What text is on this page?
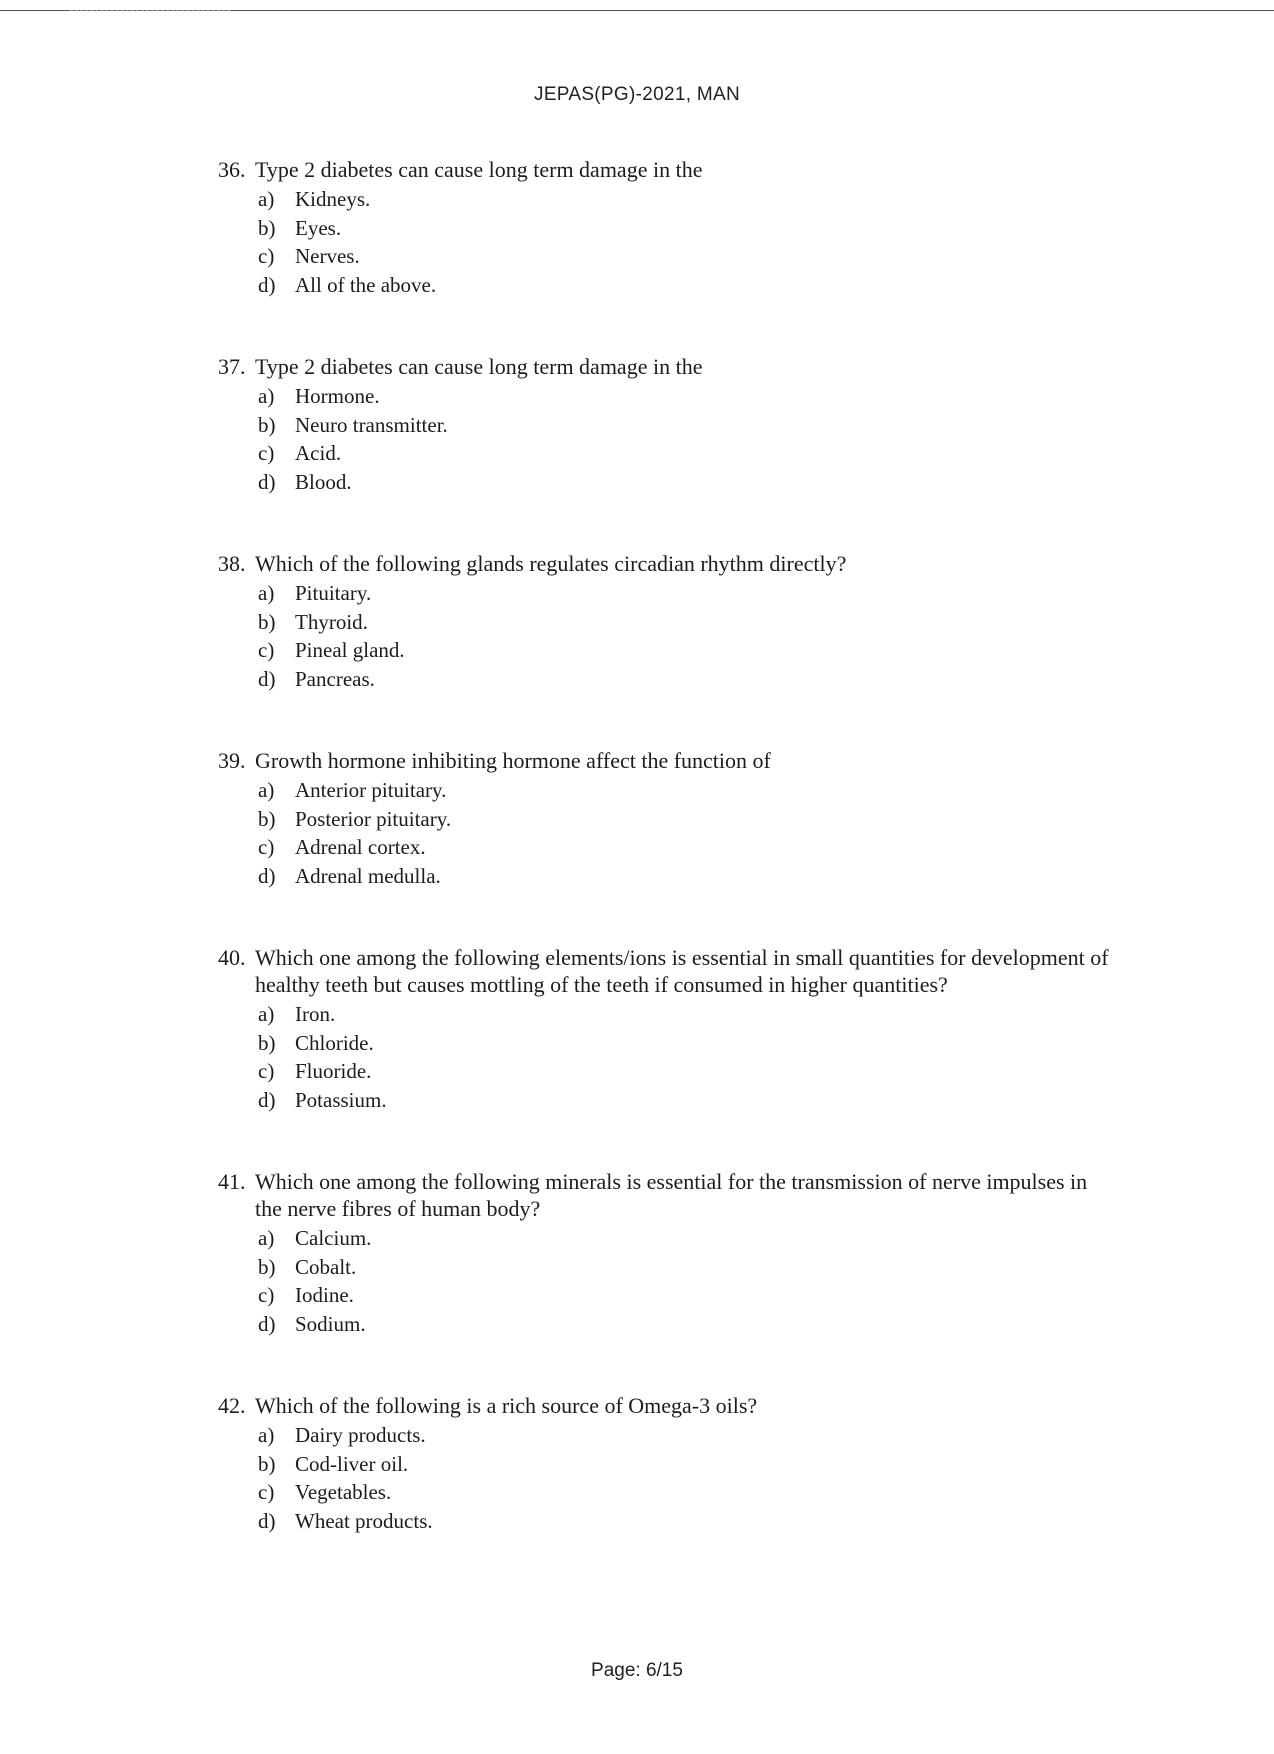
JEPAS(PG)-2021, MAN
36. Type 2 diabetes can cause long term damage in the
a) Kidneys.
b) Eyes.
c) Nerves.
d) All of the above.
37. Type 2 diabetes can cause long term damage in the
a) Hormone.
b) Neuro transmitter.
c) Acid.
d) Blood.
38. Which of the following glands regulates circadian rhythm directly?
a) Pituitary.
b) Thyroid.
c) Pineal gland.
d) Pancreas.
39. Growth hormone inhibiting hormone affect the function of
a) Anterior pituitary.
b) Posterior pituitary.
c) Adrenal cortex.
d) Adrenal medulla.
40. Which one among the following elements/ions is essential in small quantities for development of healthy teeth but causes mottling of the teeth if consumed in higher quantities?
a) Iron.
b) Chloride.
c) Fluoride.
d) Potassium.
41. Which one among the following minerals is essential for the transmission of nerve impulses in the nerve fibres of human body?
a) Calcium.
b) Cobalt.
c) Iodine.
d) Sodium.
42. Which of the following is a rich source of Omega-3 oils?
a) Dairy products.
b) Cod-liver oil.
c) Vegetables.
d) Wheat products.
Page: 6/15
